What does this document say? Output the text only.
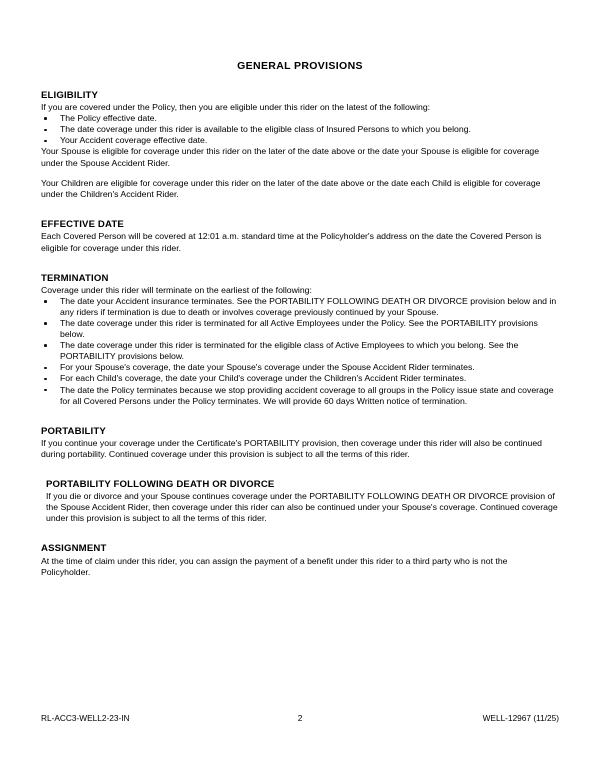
GENERAL PROVISIONS
ELIGIBILITY

If you are covered under the Policy, then you are eligible under this rider on the latest of the following:

The Policy effective date.
The date coverage under this rider is available to the eligible class of Insured Persons to which you belong.
Your Accident coverage effective date.

Your Spouse is eligible for coverage under this rider on the later of the date above or the date your Spouse is eligible for coverage under the Spouse Accident Rider.

Your Children are eligible for coverage under this rider on the later of the date above or the date each Child is eligible for coverage under the Children's Accident Rider.

EFFECTIVE DATE

Each Covered Person will be covered at 12:01 a.m. standard time at the Policyholder's address on the date the Covered Person is eligible for coverage under this rider.

TERMINATION

Coverage under this rider will terminate on the earliest of the following:

The date your Accident insurance terminates. See the PORTABILITY FOLLOWING DEATH OR DIVORCE provision below and in any riders if termination is due to death or involves coverage previously continued by your Spouse.
The date coverage under this rider is terminated for all Active Employees under the Policy. See the PORTABILITY provisions below.
The date coverage under this rider is terminated for the eligible class of Active Employees to which you belong. See the PORTABILITY provisions below.
For your Spouse's coverage, the date your Spouse's coverage under the Spouse Accident Rider terminates.
For each Child's coverage, the date your Child's coverage under the Children's Accident Rider terminates.
The date the Policy terminates because we stop providing accident coverage to all groups in the Policy issue state and coverage for all Covered Persons under the Policy terminates. We will provide 60 days Written notice of termination.
PORTABILITY

If you continue your coverage under the Certificate's PORTABILITY provision, then coverage under this rider will also be continued during portability. Continued coverage under this provision is subject to all the terms of this rider.

PORTABILITY FOLLOWING DEATH OR DIVORCE

If you die or divorce and your Spouse continues coverage under the PORTABILITY FOLLOWING DEATH OR DIVORCE provision of the Spouse Accident Rider, then coverage under this rider can also be continued under your Spouse's coverage. Continued coverage under this provision is subject to all the terms of this rider.

ASSIGNMENT

At the time of claim under this rider, you can assign the payment of a benefit under this rider to a third party who is not the Policyholder.

RL-ACC3-WELL2-23-IN	2	WELL-12967 (11/25)
